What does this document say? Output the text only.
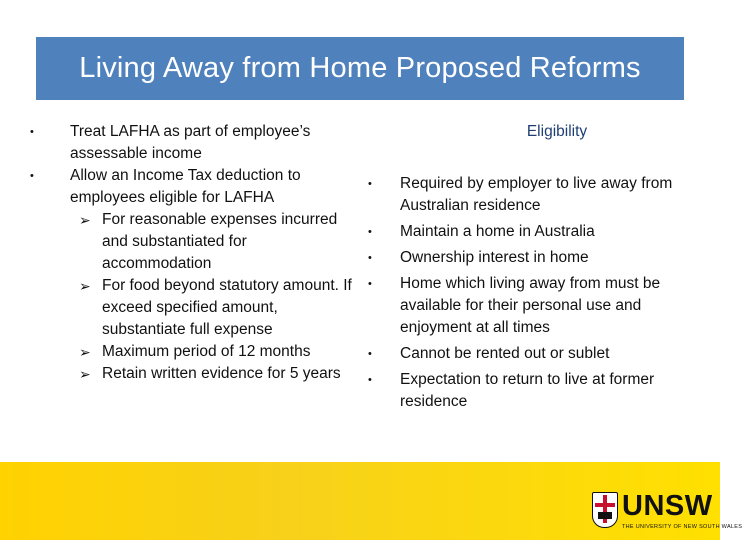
Living Away from Home Proposed Reforms
• Treat LAFHA as part of employee’s assessable income
• Allow an Income Tax deduction to employees eligible for LAFHA
➢ For reasonable expenses incurred and substantiated for accommodation
➢ For food beyond statutory amount. If exceed specified amount, substantiate full expense
➢ Maximum period of 12 months
➢ Retain written evidence for 5 years

Eligibility

• Required by employer to live away from Australian residence
• Maintain a home in Australia
• Ownership interest in home
• Home which living away from must be available for their personal use and enjoyment at all times
• Cannot be rented out or sublet
• Expectation to return to live at former residence
UNSW
THE UNIVERSITY OF NEW SOUTH WALES
